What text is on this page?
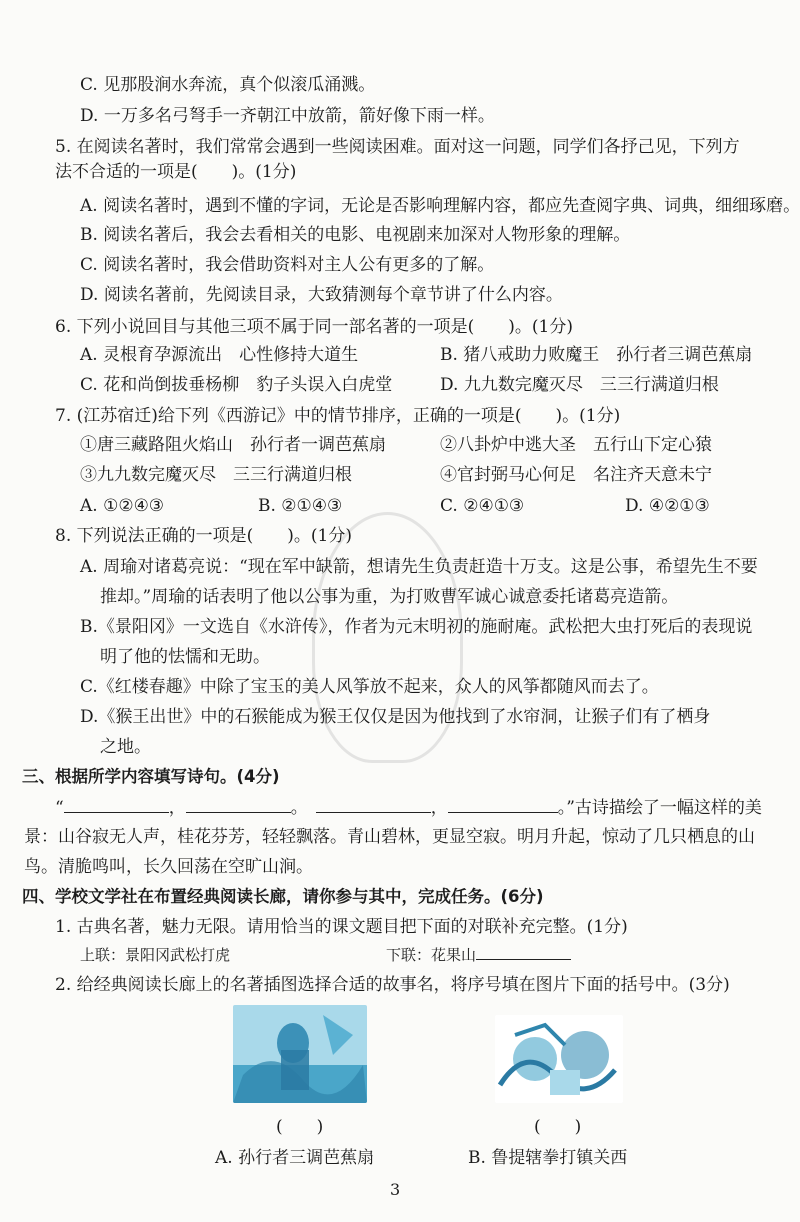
C. 见那股涧水奔流，真个似滚瓜涌溅。
D. 一万多名弓弩手一齐朝江中放箭，箭好像下雨一样。
5. 在阅读名著时，我们常常会遇到一些阅读困难。面对这一问题，同学们各抒己见，下列方
法不合适的一项是(　　)。(1分)
A. 阅读名著时，遇到不懂的字词，无论是否影响理解内容，都应先查阅字典、词典，细细琢磨。
B. 阅读名著后，我会去看相关的电影、电视剧来加深对人物形象的理解。
C. 阅读名著时，我会借助资料对主人公有更多的了解。
D. 阅读名著前，先阅读目录，大致猜测每个章节讲了什么内容。
6. 下列小说回目与其他三项不属于同一部名著的一项是(　　)。(1分)
A. 灵根育孕源流出　心性修持大道生	B. 猪八戒助力败魔王　孙行者三调芭蕉扇
C. 花和尚倒拔垂杨柳　豹子头误入白虎堂	D. 九九数完魔灭尽　三三行满道归根
7. (江苏宿迁)给下列《西游记》中的情节排序，正确的一项是(　　)。(1分)
①唐三藏路阻火焰山　孙行者一调芭蕉扇	②八卦炉中逃大圣　五行山下定心猿
③九九数完魔灭尽　三三行满道归根	④官封弼马心何足　名注齐天意未宁
A. ①②④③	B. ②①④③	C. ②④①③	D. ④②①③
8. 下列说法正确的一项是(　　)。(1分)
A. 周瑜对诸葛亮说：“现在军中缺箭，想请先生负责赶造十万支。这是公事，希望先生不要
推却。”周瑜的话表明了他以公事为重，为打败曹军诚心诚意委托诸葛亮造箭。
B.《景阳冈》一文选自《水浒传》，作者为元末明初的施耐庵。武松把大虫打死后的表现说
明了他的怯懦和无助。
C.《红楼春趣》中除了宝玉的美人风筝放不起来，众人的风筝都随风而去了。
D.《猴王出世》中的石猴能成为猴王仅仅是因为他找到了水帘洞，让猴子们有了栖身
之地。
三、根据所学内容填写诗句。(4分)
“	，	。	，	。”古诗描绘了一幅这样的美
景：山谷寂无人声，桂花芬芳，轻轻飘落。青山碧林，更显空寂。明月升起，惊动了几只栖息的山
鸟。清脆鸣叫，长久回荡在空旷山涧。
四、学校文学社在布置经典阅读长廊，请你参与其中，完成任务。(6分)
1. 古典名著，魅力无限。请用恰当的课文题目把下面的对联补充完整。(1分)
上联：景阳冈武松打虎	下联：花果山
2. 给经典阅读长廊上的名著插图选择合适的故事名，将序号填在图片下面的括号中。(3分)
(　　)	(　　)
A. 孙行者三调芭蕉扇	B. 鲁提辖拳打镇关西
3
